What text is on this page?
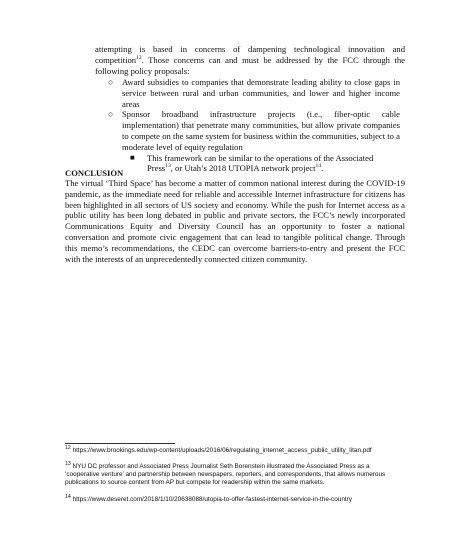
attempting is based in concerns of dampening technological innovation and competition$^{12}$. Those concerns can and must be addressed by the FCC through the following policy proposals:
○ Award subsidies to companies that demonstrate leading ability to close gaps in service between rural and urban communities, and lower and higher income areas
○ Sponsor broadband infrastructure projects (i.e., fiber-optic cable implementation) that penetrate many communities, but allow private companies to compete on the same system for business within the communities, subject to a moderate level of equity regulation
■ This framework can be similar to the operations of the Associated Press$^{13}$, or Utah’s 2018 UTOPIA network project$^{14}$.
CONCLUSION
The virtual ‘Third Space’ has become a matter of common national interest during the COVID-19 pandemic, as the immediate need for reliable and accessible Internet infrastructure for citizens has been highlighted in all sectors of US society and economy. While the push for Internet access as a public utility has been long debated in public and private sectors, the FCC’s newly incorporated Communications Equity and Diversity Council has an opportunity to foster a national conversation and promote civic engagement that can lead to tangible political change. Through this memo’s recommendations, the CEDC can overcome barriers-to-entry and present the FCC with the interests of an unprecedentedly connected citizen community.
$^{12}$ https://www.brookings.edu/wp-content/uploads/2016/06/regulating_internet_access_public_utility_litan.pdf
$^{13}$ NYU DC professor and Associated Press Journalist Seth Borenstein illustrated the Associated Press as a ‘cooperative venture’ and partnership between newspapers, reporters, and correspondents, that allows numerous publications to source content from AP but compete for readership within the same markets.
$^{14}$ https://www.deseret.com/2018/1/10/20638088/utopia-to-offer-fastest-internet-service-in-the-country
